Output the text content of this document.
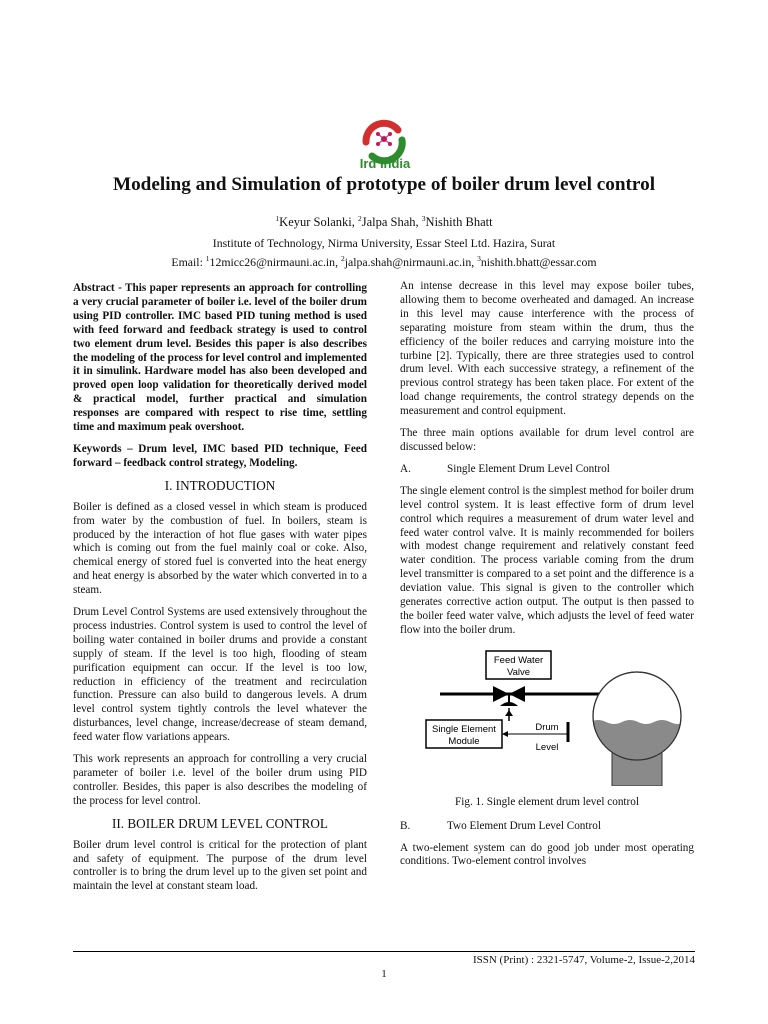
Ird India
Modeling and Simulation of prototype of boiler drum level control
$^1$Keyur Solanki, $^2$Jalpa Shah, $^3$Nishith Bhatt
Institute of Technology, Nirma University, Essar Steel Ltd. Hazira, Surat
Email: $^1$12micc26@nirmauni.ac.in, $^2$jalpa.shah@nirmauni.ac.in, $^3$nishith.bhatt@essar.com

Abstract - This paper represents an approach for controlling a very crucial parameter of boiler i.e. level of the boiler drum using PID controller. IMC based PID tuning method is used with feed forward and feedback strategy is used to control two element drum level. Besides this paper is also describes the modeling of the process for level control and implemented it in simulink. Hardware model has also been developed and proved open loop validation for theoretically derived model & practical model, further practical and simulation responses are compared with respect to rise time, settling time and maximum peak overshoot.

Keywords – Drum level, IMC based PID technique, Feed forward – feedback control strategy, Modeling.

I. INTRODUCTION

Boiler is defined as a closed vessel in which steam is produced from water by the combustion of fuel. In boilers, steam is produced by the interaction of hot flue gases with water pipes which is coming out from the fuel mainly coal or coke. Also, chemical energy of stored fuel is converted into the heat energy and heat energy is absorbed by the water which converted in to a steam.

Drum Level Control Systems are used extensively throughout the process industries. Control system is used to control the level of boiling water contained in boiler drums and provide a constant supply of steam. If the level is too high, flooding of steam purification equipment can occur. If the level is too low, reduction in efficiency of the treatment and recirculation function. Pressure can also build to dangerous levels. A drum level control system tightly controls the level whatever the disturbances, level change, increase/decrease of steam demand, feed water flow variations appears.

This work represents an approach for controlling a very crucial parameter of boiler i.e. level of the boiler drum using PID controller. Besides, this paper is also describes the modeling of the process for level control.

II. BOILER DRUM LEVEL CONTROL

Boiler drum level control is critical for the protection of plant and safety of equipment. The purpose of the drum level controller is to bring the drum level up to the given set point and maintain the level at constant steam load.

An intense decrease in this level may expose boiler tubes, allowing them to become overheated and damaged. An increase in this level may cause interference with the process of separating moisture from steam within the drum, thus the efficiency of the boiler reduces and carrying moisture into the turbine [2]. Typically, there are three strategies used to control drum level. With each successive strategy, a refinement of the previous control strategy has been taken place. For extent of the load change requirements, the control strategy depends on the measurement and control equipment.

The three main options available for drum level control are discussed below:

A.	Single Element Drum Level Control

The single element control is the simplest method for boiler drum level control system. It is least effective form of drum level control which requires a measurement of drum water level and feed water control valve. It is mainly recommended for boilers with modest change requirement and relatively constant feed water condition. The process variable coming from the drum level transmitter is compared to a set point and the difference is a deviation value. This signal is given to the controller which generates corrective action output. The output is then passed to the boiler feed water valve, which adjusts the level of feed water flow into the boiler drum.

Feed Water
Valve
Single Element
Module
Drum
Level
Fig. 1. Single element drum level control
B.	Two Element Drum Level Control

A two-element system can do good job under most operating conditions. Two-element control involves

ISSN (Print) : 2321-5747, Volume-2, Issue-2,2014
1
